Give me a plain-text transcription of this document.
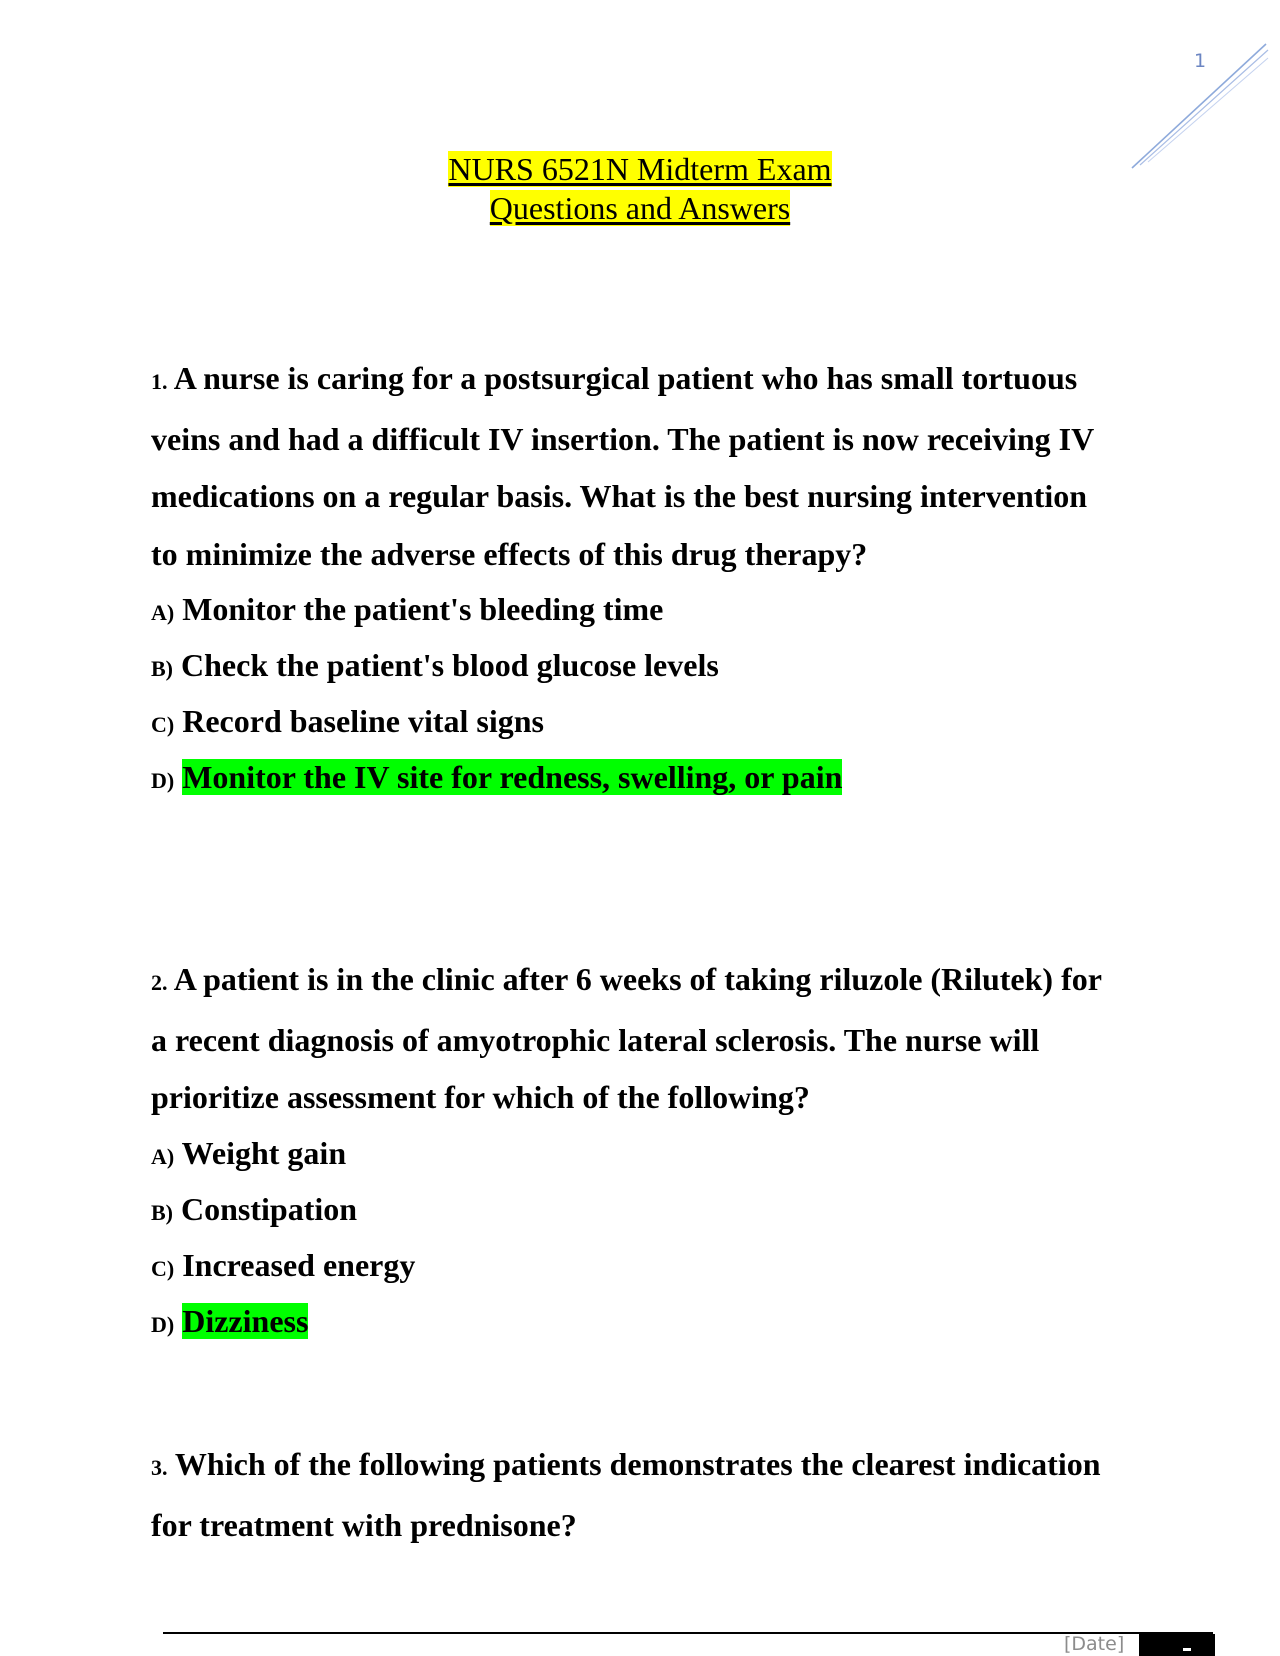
1
NURS 6521N Midterm Exam
Questions and Answers

1. A nurse is caring for a postsurgical patient who has small tortuous veins and had a difficult IV insertion. The patient is now receiving IV medications on a regular basis. What is the best nursing intervention to minimize the adverse effects of this drug therapy?

A) Monitor the patient's bleeding time

B) Check the patient's blood glucose levels

C) Record baseline vital signs

D) Monitor the IV site for redness, swelling, or pain

2. A patient is in the clinic after 6 weeks of taking riluzole (Rilutek) for a recent diagnosis of amyotrophic lateral sclerosis. The nurse will prioritize assessment for which of the following?

A) Weight gain

B) Constipation

C) Increased energy

D) Dizziness

3. Which of the following patients demonstrates the clearest indication for treatment with prednisone?

[Date]
